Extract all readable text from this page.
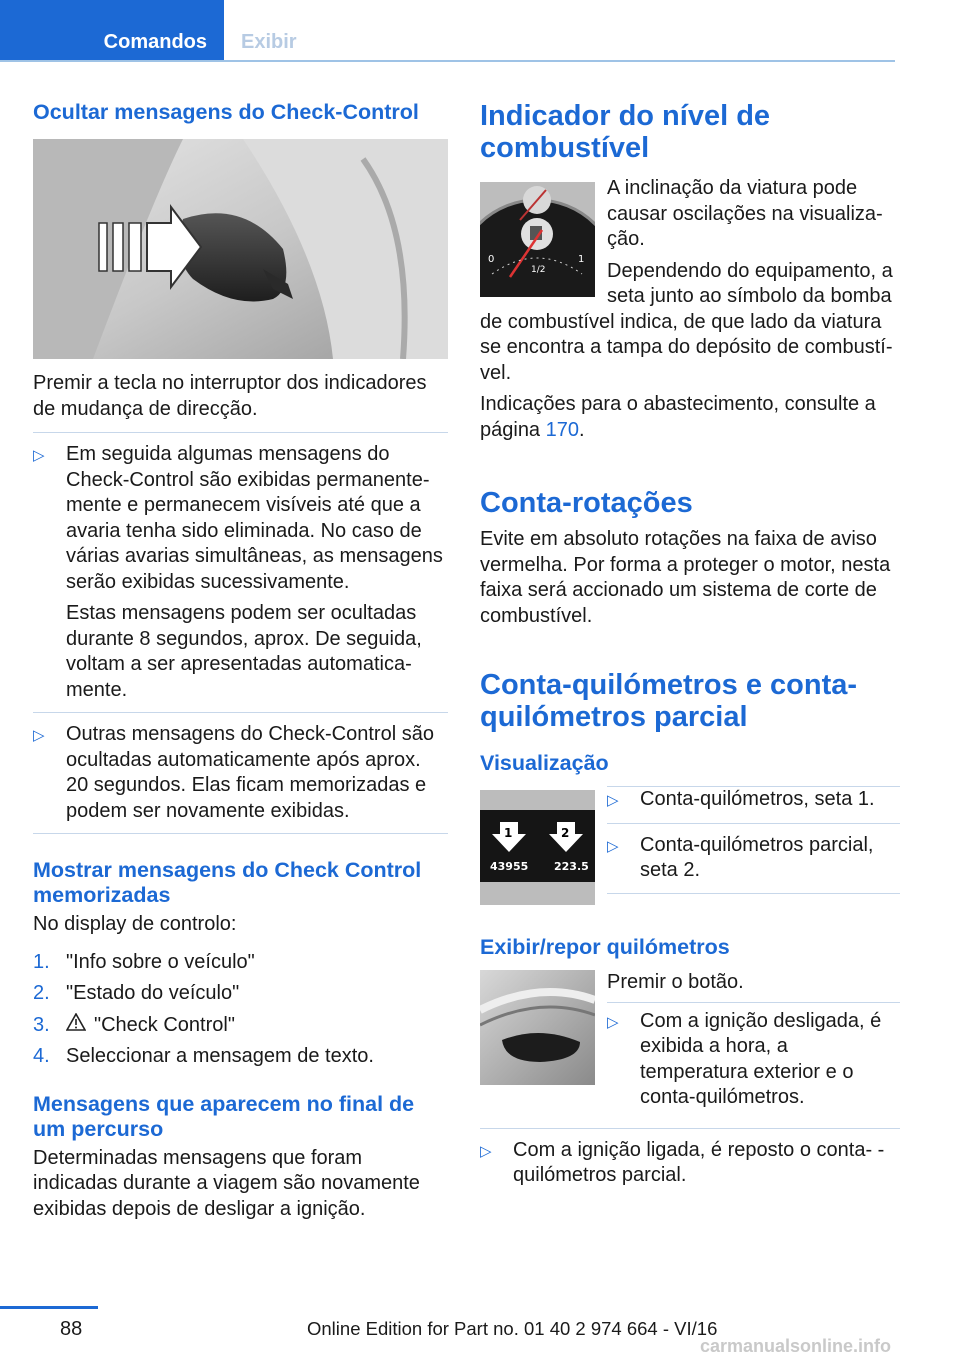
Comandos	Exibir
Ocultar mensagens do Check-Control

Premir a tecla no interruptor dos indicadores de mudança de direcção.

▷	Em seguida algumas mensagens do Check-Control são exibidas permanentemente e permanecem visíveis até que a avaria tenha sido eliminada. No caso de várias avarias simultâneas, as mensagens serão exibidas sucessivamente.

Estas mensagens podem ser ocultadas durante 8 segundos, aprox. De seguida, voltam a ser apresentadas automaticamente.

▷	Outras mensagens do Check-Control são ocultadas automaticamente após aprox. 20 segundos. Elas ficam memorizadas e podem ser novamente exibidas.

Mostrar mensagens do Check Control memorizadas

No display de controlo:

1. "Info sobre o veículo"
2. "Estado do veículo"
3.	"Check Control"
4. Seleccionar a mensagem de texto.
Mensagens que aparecem no final de um percurso

Determinadas mensagens que foram indicadas durante a viagem são novamente exibidas depois de desligar a ignição.

Indicador do nível de combustível
0
1/2
1

A inclinação da viatura pode causar oscilações na visualização.

Dependendo do equipamento, a seta junto ao símbolo da bomba de combustível indica, de que lado da viatura se encontra a tampa do depósito de combustível.

Indicações para o abastecimento, consulte a página 170.

Conta-rotações

Evite em absoluto rotações na faixa de aviso vermelha. Por forma a proteger o motor, nesta faixa será accionado um sistema de corte de combustível.

Conta-quilómetros e conta-quilómetros parcial
Visualização
1	2
43955 223.5
▷	Conta-quilómetros, seta 1.
▷	Conta-quilómetros parcial, seta 2.
Exibir/repor quilómetros

Premir o botão.

▷	Com a ignição desligada, é exibida a hora, a temperatura exterior e o conta-quilómetros.
▷	Com a ignição ligada, é reposto o conta- -quilómetros parcial.
88	Online Edition for Part no. 01 40 2 974 664 - VI/16
carmanualsonline.info
